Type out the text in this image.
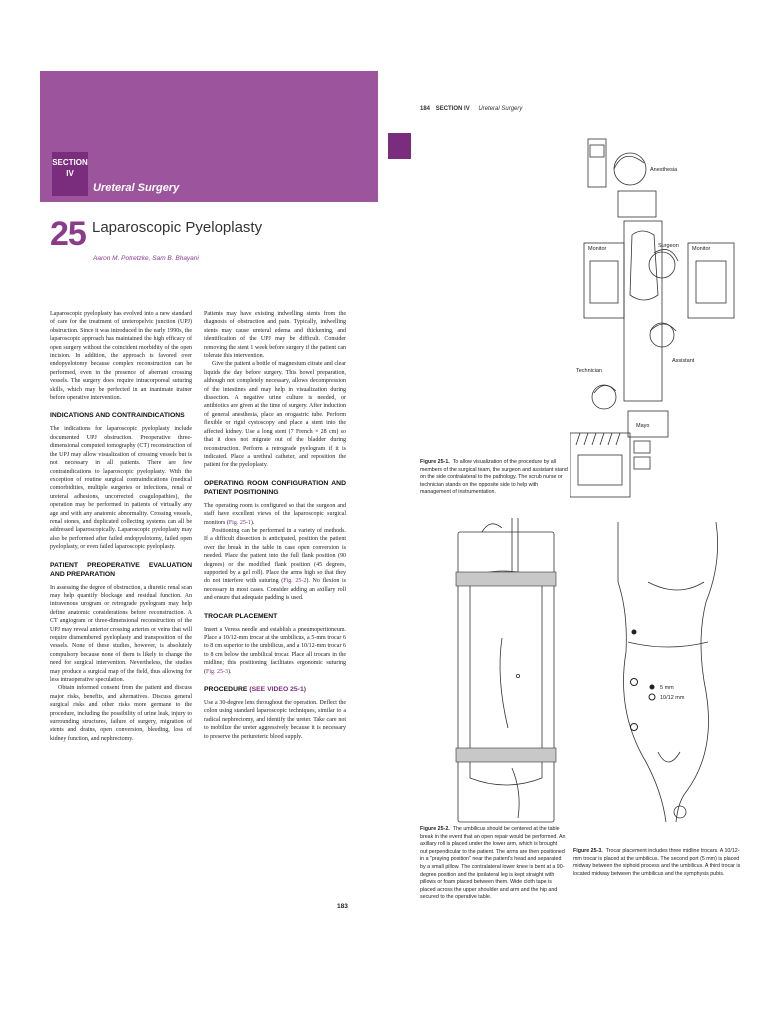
SECTION
IV
Ureteral Surgery
25 Laparoscopic Pyeloplasty
Aaron M. Potretzke, Sam B. Bhayani

Laparoscopic pyeloplasty has evolved into a new standard of care for the treatment of ureteropelvic junction (UPJ) obstruction. Since it was introduced in the early 1990s, the laparoscopic approach has maintained the high efficacy of open surgery without the coincident morbidity of the open incision. In addition, the approach is favored over endopyelotomy because complex reconstruction can be performed, even in the presence of aberrant crossing vessels. The surgery does require intracorporeal suturing skills, which may be perfected in an inanimate trainer before operative intervention.

INDICATIONS AND CONTRAINDICATIONS

The indications for laparoscopic pyeloplasty include documented UPJ obstruction. Preoperative three-dimensional computed tomography (CT) reconstruction of the UPJ may allow visualization of crossing vessels but is not necessary in all patients. There are few contraindications to laparoscopic pyeloplasty. With the exception of routine surgical contraindications (medical comorbidities, multiple surgeries or infections, renal or ureteral adhesions, uncorrected coagulopathies), the operation may be performed in patients of virtually any age and with any anatomic abnormality. Crossing vessels, renal stones, and duplicated collecting systems can all be addressed laparoscopically. Laparoscopic pyeloplasty may also be performed after failed endopyelotomy, failed open pyeloplasty, or even failed laparoscopic pyeloplasty.

PATIENT PREOPERATIVE EVALUATION AND PREPARATION

In assessing the degree of obstruction, a diuretic renal scan may help quantify blockage and residual function. An intravenous urogram or retrograde pyelogram may help define anatomic considerations before reconstruction. A CT angiogram or three-dimensional reconstruction of the UPJ may reveal anterior crossing arteries or veins that will require dismembered pyeloplasty and transposition of the vessels. None of these studies, however, is absolutely compulsory because none of them is likely to change the need for surgical intervention. Nevertheless, the studies may produce a surgical map of the field, thus allowing for less intraoperative speculation.

Obtain informed consent from the patient and discuss major risks, benefits, and alternatives. Discuss general surgical risks and other risks more germane to the procedure, including the possibility of urine leak, injury to surrounding structures, failure of surgery, migration of stents and drains, open conversion, bleeding, loss of kidney function, and nephrectomy.

Patients may have existing indwelling stents from the diagnosis of obstruction and pain. Typically, indwelling stents may cause ureteral edema and thickening, and identification of the UPJ may be difficult. Consider removing the stent 1 week before surgery if the patient can tolerate this intervention.

Give the patient a bottle of magnesium citrate and clear liquids the day before surgery. This bowel preparation, although not completely necessary, allows decompression of the intestines and may help in visualization during dissection. A negative urine culture is needed, or antibiotics are given at the time of surgery. After induction of general anesthesia, place an orogastric tube. Perform flexible or rigid cystoscopy and place a stent into the affected kidney. Use a long stent (7 French × 28 cm) so that it does not migrate out of the bladder during reconstruction. Perform a retrograde pyelogram if it is indicated. Place a urethral catheter, and reposition the patient for the pyeloplasty.

OPERATING ROOM CONFIGURATION AND PATIENT POSITIONING

The operating room is configured so that the surgeon and staff have excellent views of the laparoscopic surgical monitors (Fig. 25-1).

Positioning can be performed in a variety of methods. If a difficult dissection is anticipated, position the patient over the break in the table in case open conversion is needed. Place the patient into the full flank position (90 degrees) or the modified flank position (45 degrees, supported by a gel roll). Place the arms high so that they do not interfere with suturing (Fig. 25-2). No flexion is necessary in most cases. Consider adding an axillary roll and ensure that adequate padding is used.

TROCAR PLACEMENT

Insert a Veress needle and establish a pneumoperitoneum. Place a 10/12-mm trocar at the umbilicus, a 5-mm trocar 6 to 8 cm superior to the umbilicus, and a 10/12-mm trocar 6 to 8 cm below the umbilical trocar. Place all trocars in the midline; this positioning facilitates ergonomic suturing (Fig. 25-3).

PROCEDURE (SEE VIDEO 25-1)

Use a 30-degree lens throughout the operation. Deflect the colon using standard laparoscopic techniques, similar to a radical nephrectomy, and identify the ureter. Take care not to mobilize the ureter aggressively because it is necessary to preserve the periureteric blood supply.

183
184 SECTION IV Ureteral Surgery
Anesthesia
Monitor	Surgeon Monitor
Assistant
Technician
Mayo
Figure 25-1. To allow visualization of the procedure by all members of the surgical team, the surgeon and assistant stand on the side contralateral to the pathology. The scrub nurse or technician stands on the opposite side to help with management of instrumentation.
Figure 25-2. The umbilicus should be centered at the table break in the event that an open repair would be performed. An axillary roll is placed under the lower arm, which is brought out perpendicular to the patient. The arms are then positioned in a "praying position" near the patient's head and separated by a small pillow. The contralateral lower knee is bent at a 90-degree position and the ipsilateral leg is kept straight with pillows or foam placed between them. Wide cloth tape is placed across the upper shoulder and arm and the hip and secured to the operative table.
5 mm
10/12 mm
Figure 25-3. Trocar placement includes three midline trocars. A 10/12-mm trocar is placed at the umbilicus. The second port (5 mm) is placed midway between the xiphoid process and the umbilicus. A third trocar is located midway between the umbilicus and the symphysis pubis.
